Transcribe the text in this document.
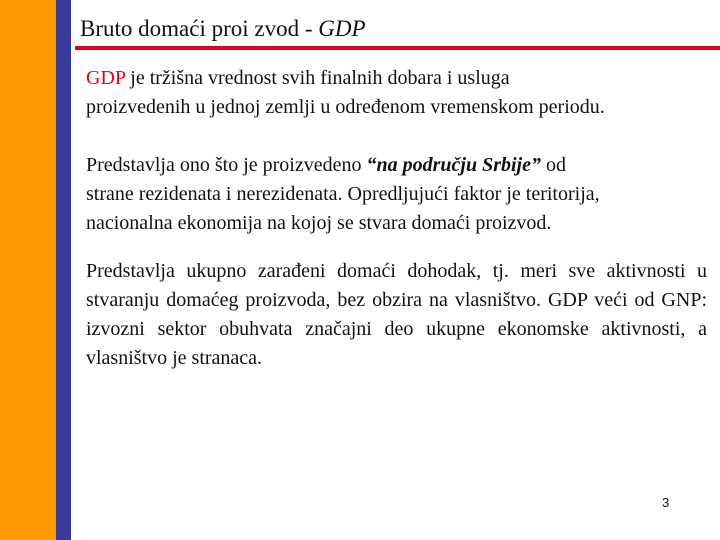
Bruto domaći proi zvod - GDP

GDP je tržišna vrednost svih finalnih dobara i usluga
proizvedenih u jednoj zemlji u određenom vremenskom periodu.

Predstavlja ono što je proizvedeno “na području Srbije” od
strane rezidenata i nerezidenata. Opredljujući faktor je teritorija,
nacionalna ekonomija na kojoj se stvara domaći proizvod.

Predstavlja ukupno zarađeni domaći dohodak, tj. meri sve aktivnosti u stvaranju domaćeg proizvoda, bez obzira na vlasništvo. GDP veći od GNP: izvozni sektor obuhvata značajni deo ukupne ekonomske aktivnosti, a vlasništvo je stranaca.

3
